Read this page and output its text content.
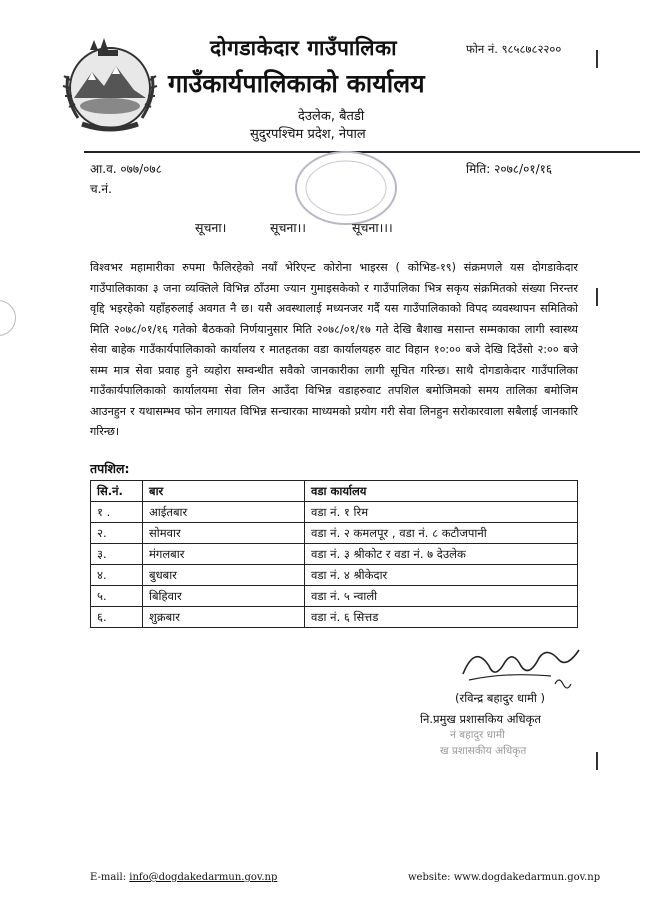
दोगडाकेदार गाउँपालिका
गाउँकार्यपालिकाको कार्यालय
फोन नं. ९८५८७८२२००
देउलेक, बैतडी
सुदुरपश्चिम प्रदेश, नेपाल
आ.व. ०७७/०७८
च.नं.
मिति: २०७८/०१/१६
सूचना।	सूचना।।	सूचना।।।
विश्वभर महामारीका रुपमा फैलिरहेको नयाँ भेरिएन्ट कोरोना भाइरस ( कोभिड-१९) संक्रमणले यस दोगडाकेदार गाउँपालिकाका ३ जना व्यक्तिले विभिन्न ठाँउमा ज्यान गुमाइसकेको र गाउँपालिका भित्र सकृय संक्रमितको संख्या निरन्तर वृद्दि भइरहेको यहाँहरुलाई अवगत नै छ। यसै अवस्थालाई मध्यनजर गर्दै यस गाउँपालिकाको विपद व्यवस्थापन समितिको मिति २०७८/०१/१६ गतेको बैठकको निर्णयानुसार मिति २०७८/०१/१७ गते देखि बैशाख मसान्त सम्मकाका लागी स्वास्थ्य सेवा बाहेक गाउँकार्यपालिकाको कार्यालय र मातहतका वडा कार्यालयहरु वाट विहान १०:०० बजे देखि दिउँसो २:०० बजे सम्म मात्र सेवा प्रवाह हुने व्यहोरा सम्वन्धीत सवैको जानकारीका लागी सूचित गरिन्छ। साथै दोगडाकेदार गाउँपालिका गाउँकार्यपालिकाको कार्यालयमा सेवा लिन आउँदा विभिन्न वडाहरुवाट तपशिल बमोजिमको समय तालिका बमोजिम आउनहुन र यथासम्भव फोन लगायत विभिन्न सन्चारका माध्यमको प्रयोग गरी सेवा लिनहुन सरोकारवाला सबैलाई जानकारि गरिन्छ।
तपशिल:
सि.नं.	बार	वडा कार्यालय
१ .	आईतबार	वडा नं. १ रिम
२.	सोमवार	वडा नं. २ कमलपूर , वडा नं. ८ कटौजपानी
३.	मंगलबार	वडा नं. ३ श्रीकोट र वडा नं. ७ देउलेक
४.	बुधबार	वडा नं. ४ श्रीकेदार
५.	बिहिवार	वडा नं. ५ न्वाली
६.	शुक्रबार	वडा नं. ६ सित्तड
(रविन्द्र बहादुर धामी )
नि.प्रमुख प्रशासकिय अधिकृत
नं बहादुर धामी
ख प्रशासकीय अधिकृत
E-mail: info@dogdakedarmun.gov.np	website: www.dogdakedarmun.gov.np
